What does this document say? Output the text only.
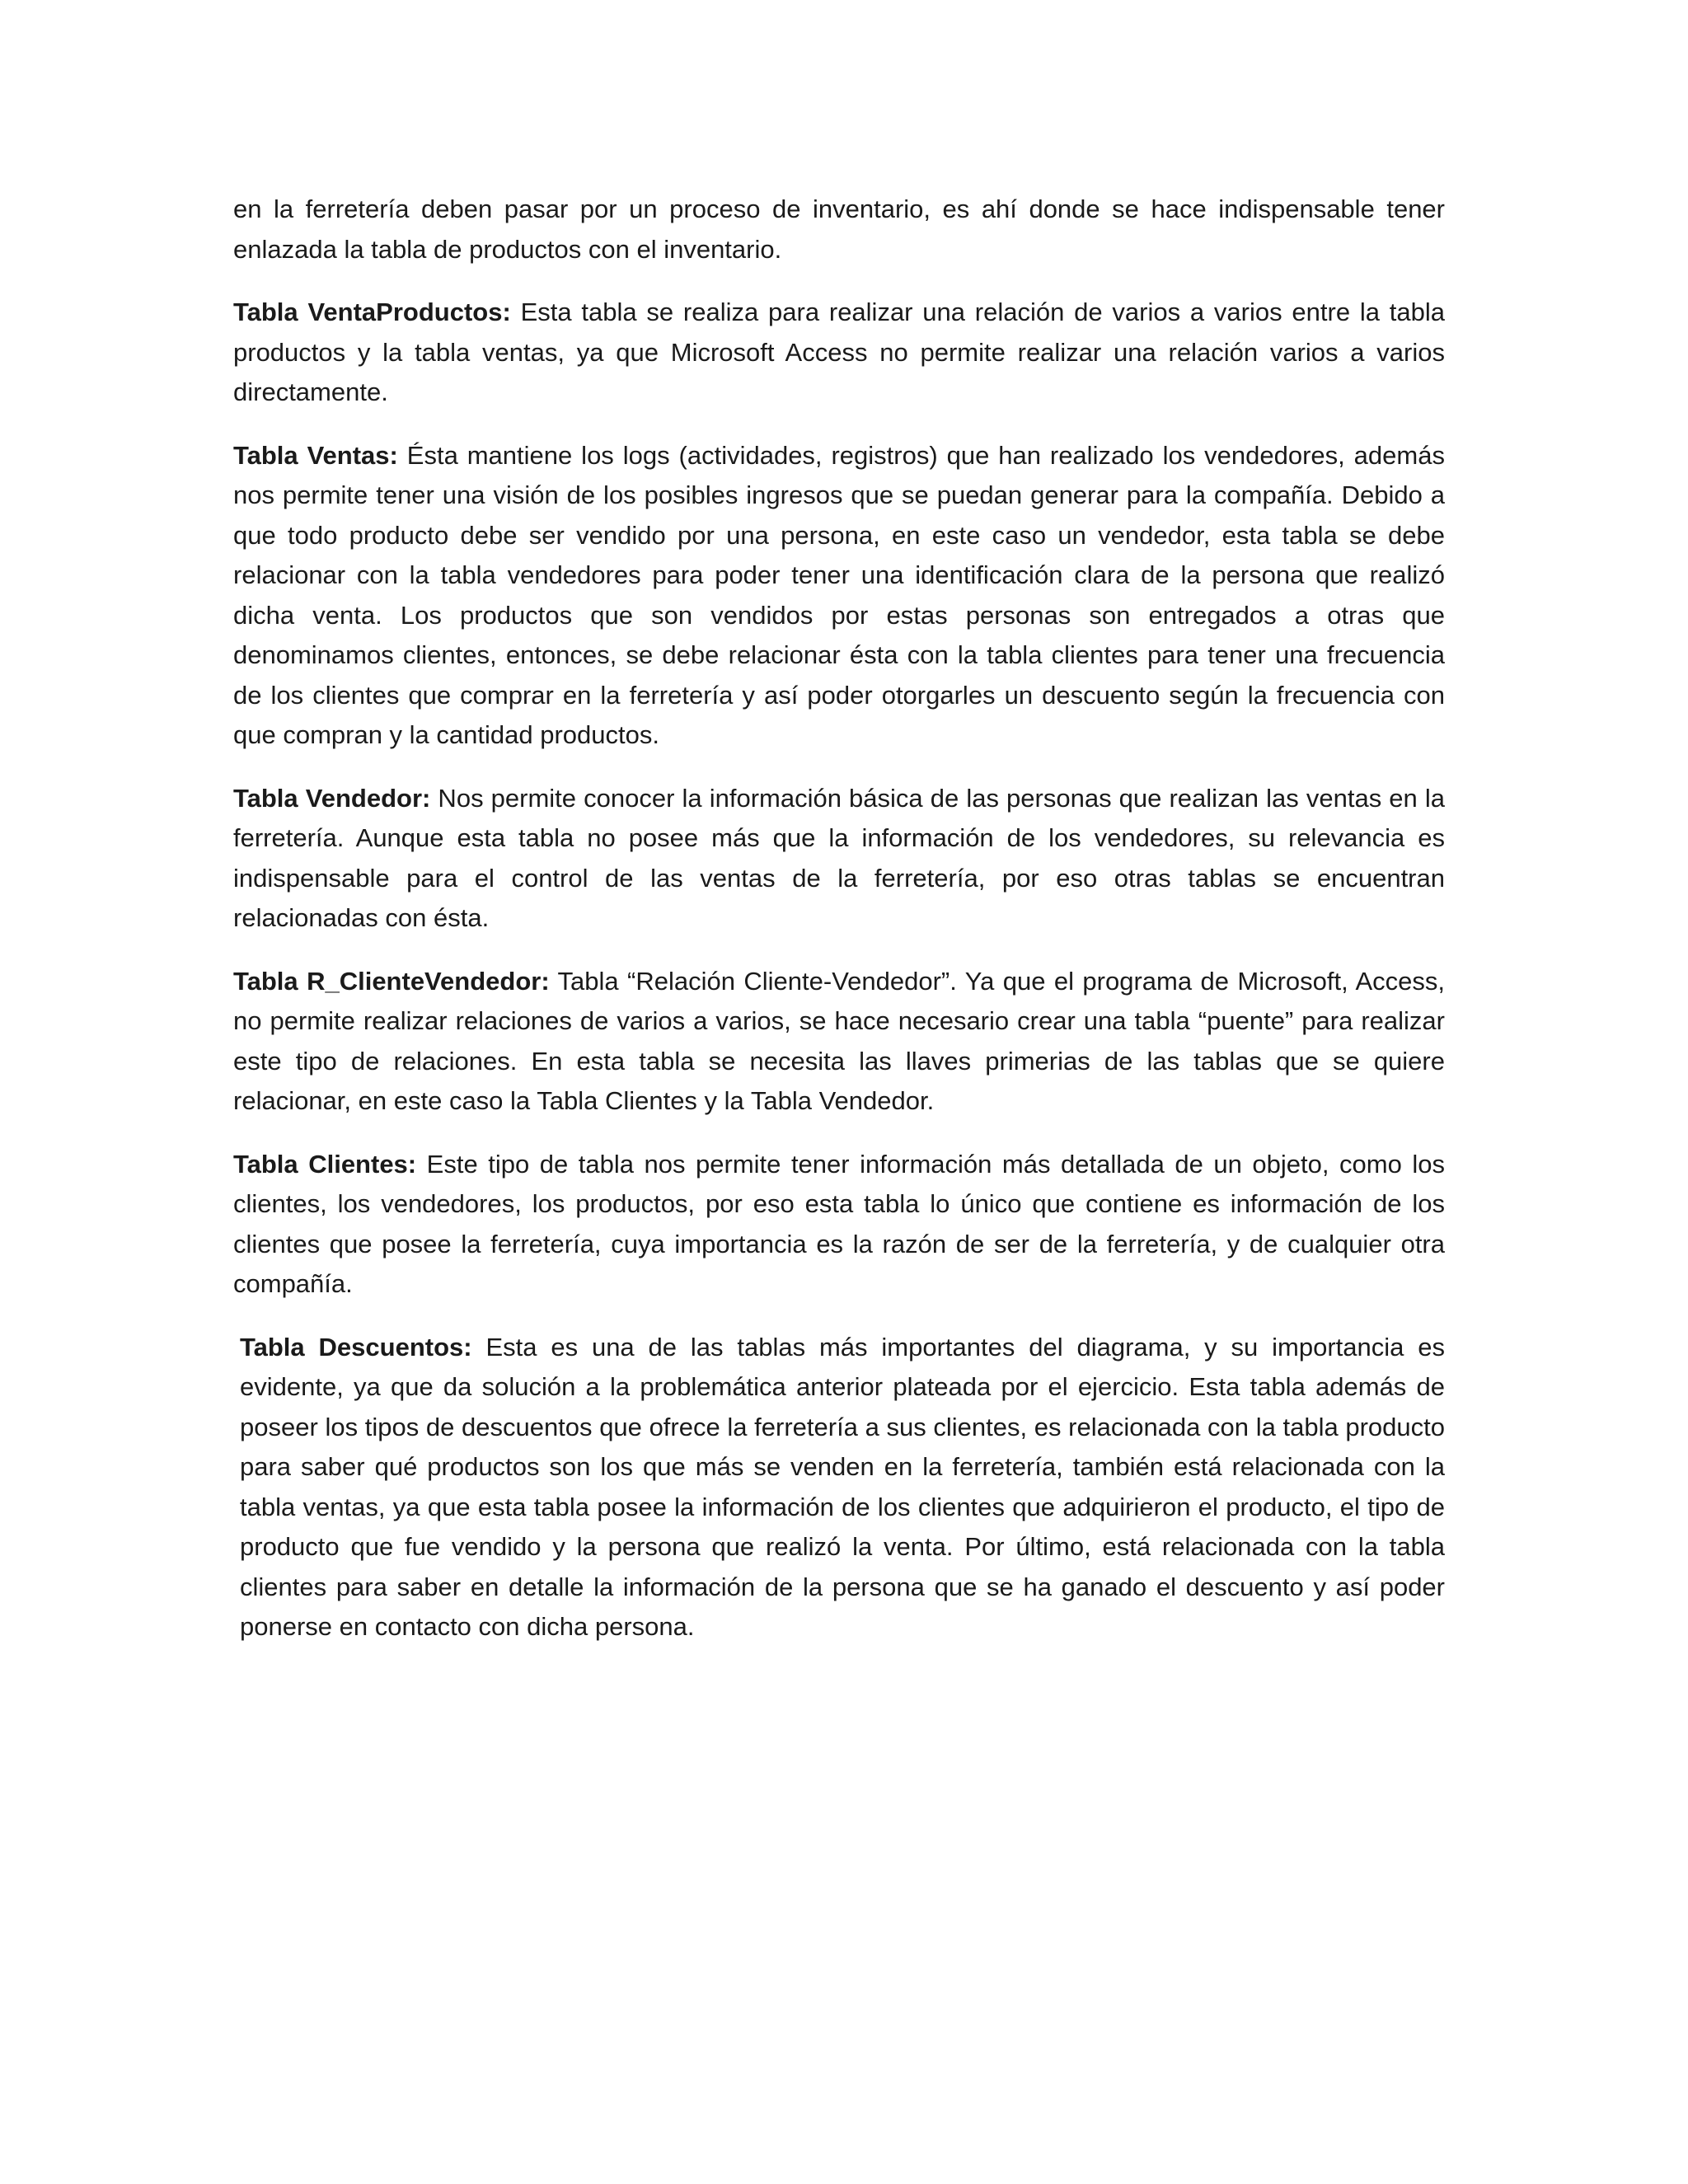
en la ferretería deben pasar por un proceso de inventario, es ahí donde se hace indispensable tener enlazada la tabla de productos con el inventario.

Tabla VentaProductos: Esta tabla se realiza para realizar una relación de varios a varios entre la tabla productos y la tabla ventas, ya que Microsoft Access no permite realizar una relación varios a varios directamente.

Tabla Ventas: Ésta mantiene los logs (actividades, registros) que han realizado los vendedores, además nos permite tener una visión de los posibles ingresos que se puedan generar para la compañía. Debido a que todo producto debe ser vendido por una persona, en este caso un vendedor, esta tabla se debe relacionar con la tabla vendedores para poder tener una identificación clara de la persona que realizó dicha venta. Los productos que son vendidos por estas personas son entregados a otras que denominamos clientes, entonces, se debe relacionar ésta con la tabla clientes para tener una frecuencia de los clientes que comprar en la ferretería y así poder otorgarles un descuento según la frecuencia con que compran y la cantidad productos.

Tabla Vendedor: Nos permite conocer la información básica de las personas que realizan las ventas en la ferretería. Aunque esta tabla no posee más que la información de los vendedores, su relevancia es indispensable para el control de las ventas de la ferretería, por eso otras tablas se encuentran relacionadas con ésta.

Tabla R_ClienteVendedor: Tabla “Relación Cliente-Vendedor”. Ya que el programa de Microsoft, Access, no permite realizar relaciones de varios a varios, se hace necesario crear una tabla “puente” para realizar este tipo de relaciones. En esta tabla se necesita las llaves primerias de las tablas que se quiere relacionar, en este caso la Tabla Clientes y la Tabla Vendedor.

Tabla Clientes: Este tipo de tabla nos permite tener información más detallada de un objeto, como los clientes, los vendedores, los productos, por eso esta tabla lo único que contiene es información de los clientes que posee la ferretería, cuya importancia es la razón de ser de la ferretería, y de cualquier otra compañía.

Tabla Descuentos: Esta es una de las tablas más importantes del diagrama, y su importancia es evidente, ya que da solución a la problemática anterior plateada por el ejercicio. Esta tabla además de poseer los tipos de descuentos que ofrece la ferretería a sus clientes, es relacionada con la tabla producto para saber qué productos son los que más se venden en la ferretería, también está relacionada con la tabla ventas, ya que esta tabla posee la información de los clientes que adquirieron el producto, el tipo de producto que fue vendido y la persona que realizó la venta. Por último, está relacionada con la tabla clientes para saber en detalle la información de la persona que se ha ganado el descuento y así poder ponerse en contacto con dicha persona.
